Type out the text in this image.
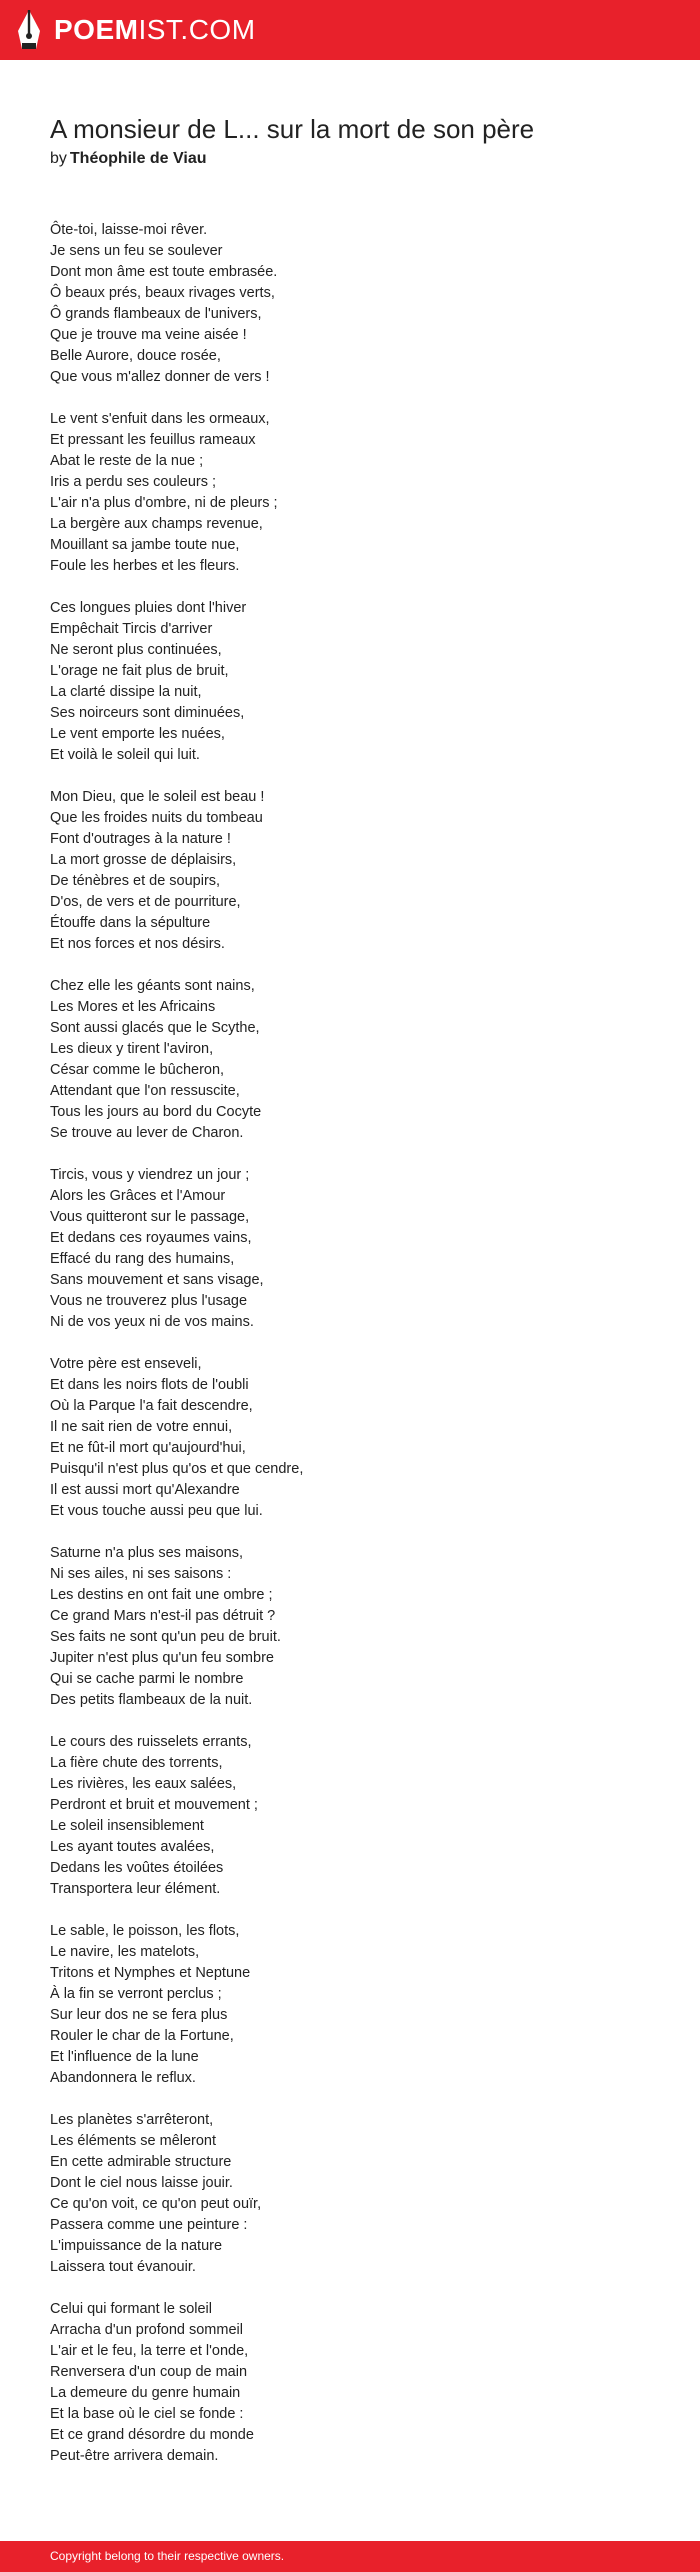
POEMIST.COM
A monsieur de L... sur la mort de son père
by Théophile de Viau
Ôte-toi, laisse-moi rêver.
Je sens un feu se soulever
Dont mon âme est toute embrasée.
Ô beaux prés, beaux rivages verts,
Ô grands flambeaux de l'univers,
Que je trouve ma veine aisée !
Belle Aurore, douce rosée,
Que vous m'allez donner de vers !
Le vent s'enfuit dans les ormeaux,
Et pressant les feuillus rameaux
Abat le reste de la nue ;
Iris a perdu ses couleurs ;
L'air n'a plus d'ombre, ni de pleurs ;
La bergère aux champs revenue,
Mouillant sa jambe toute nue,
Foule les herbes et les fleurs.
Ces longues pluies dont l'hiver
Empêchait Tircis d'arriver
Ne seront plus continuées,
L'orage ne fait plus de bruit,
La clarté dissipe la nuit,
Ses noirceurs sont diminuées,
Le vent emporte les nuées,
Et voilà le soleil qui luit.
Mon Dieu, que le soleil est beau !
Que les froides nuits du tombeau
Font d'outrages à la nature !
La mort grosse de déplaisirs,
De ténèbres et de soupirs,
D'os, de vers et de pourriture,
Étouffe dans la sépulture
Et nos forces et nos désirs.
Chez elle les géants sont nains,
Les Mores et les Africains
Sont aussi glacés que le Scythe,
Les dieux y tirent l'aviron,
César comme le bûcheron,
Attendant que l'on ressuscite,
Tous les jours au bord du Cocyte
Se trouve au lever de Charon.
Tircis, vous y viendrez un jour ;
Alors les Grâces et l'Amour
Vous quitteront sur le passage,
Et dedans ces royaumes vains,
Effacé du rang des humains,
Sans mouvement et sans visage,
Vous ne trouverez plus l'usage
Ni de vos yeux ni de vos mains.
Votre père est enseveli,
Et dans les noirs flots de l'oubli
Où la Parque l'a fait descendre,
Il ne sait rien de votre ennui,
Et ne fût-il mort qu'aujourd'hui,
Puisqu'il n'est plus qu'os et que cendre,
Il est aussi mort qu'Alexandre
Et vous touche aussi peu que lui.
Saturne n'a plus ses maisons,
Ni ses ailes, ni ses saisons :
Les destins en ont fait une ombre ;
Ce grand Mars n'est-il pas détruit ?
Ses faits ne sont qu'un peu de bruit.
Jupiter n'est plus qu'un feu sombre
Qui se cache parmi le nombre
Des petits flambeaux de la nuit.
Le cours des ruisselets errants,
La fière chute des torrents,
Les rivières, les eaux salées,
Perdront et bruit et mouvement ;
Le soleil insensiblement
Les ayant toutes avalées,
Dedans les voûtes étoilées
Transportera leur élément.
Le sable, le poisson, les flots,
Le navire, les matelots,
Tritons et Nymphes et Neptune
À la fin se verront perclus ;
Sur leur dos ne se fera plus
Rouler le char de la Fortune,
Et l'influence de la lune
Abandonnera le reflux.
Les planètes s'arrêteront,
Les éléments se mêleront
En cette admirable structure
Dont le ciel nous laisse jouir.
Ce qu'on voit, ce qu'on peut ouïr,
Passera comme une peinture :
L'impuissance de la nature
Laissera tout évanouir.
Celui qui formant le soleil
Arracha d'un profond sommeil
L'air et le feu, la terre et l'onde,
Renversera d'un coup de main
La demeure du genre humain
Et la base où le ciel se fonde :
Et ce grand désordre du monde
Peut-être arrivera demain.
Copyright belong to their respective owners.
